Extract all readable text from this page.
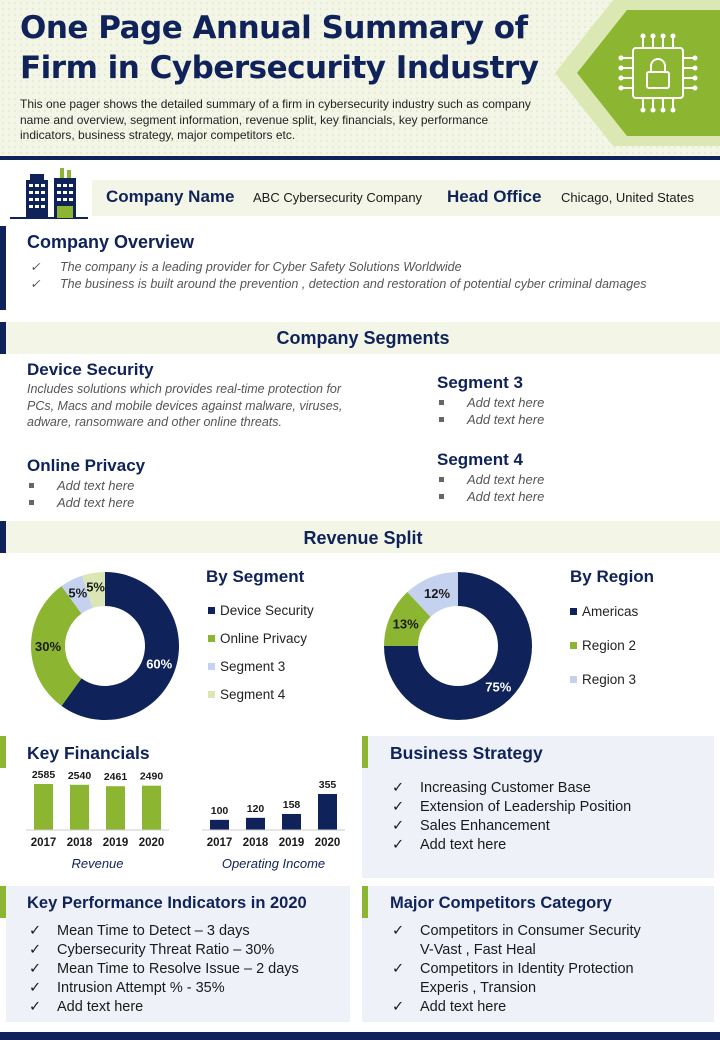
One Page Annual Summary of
Firm in Cybersecurity Industry
This one pager shows the detailed summary of a firm in cybersecurity industry such as company name and overview, segment information, revenue split, key financials, key performance indicators, business strategy, major competitors etc.
Company Name ABC Cybersecurity Company Head Office Chicago, United States
Company Overview
✓ The company is a leading provider for Cyber Safety Solutions Worldwide
✓ The business is built around the prevention , detection and restoration of potential cyber criminal damages
Company Segments
Device Security
Includes solutions which provides real-time protection for PCs, Macs and mobile devices against malware, viruses, adware, ransomware and other online threats.
Online Privacy
Add text here
Add text here
Segment 3
Add text here
Add text here
Segment 4
Add text here
Add text here
Revenue Split
60%
30%
5% 5%
By Segment
Device Security
Online Privacy
Segment 3
Segment 4
75%
13%
12%
By Region
Americas
Region 2
Region 3
Key Financials
2585
2017
2540
2018
2461
2019
2490
2020
Revenue
100
2017
120
2018
158
2019
355
2020
Operating Income
Business Strategy
✓ Increasing Customer Base
✓ Extension of Leadership Position
✓ Sales Enhancement
✓ Add text here
Key Performance Indicators in 2020
✓ Mean Time to Detect – 3 days
✓ Cybersecurity Threat Ratio – 30%
✓ Mean Time to Resolve Issue – 2 days
✓ Intrusion Attempt % - 35%
✓ Add text here
Major Competitors Category
✓ Competitors in Consumer Security
V-Vast , Fast Heal
✓ Competitors in Identity Protection
Experis , Transion
✓ Add text here
